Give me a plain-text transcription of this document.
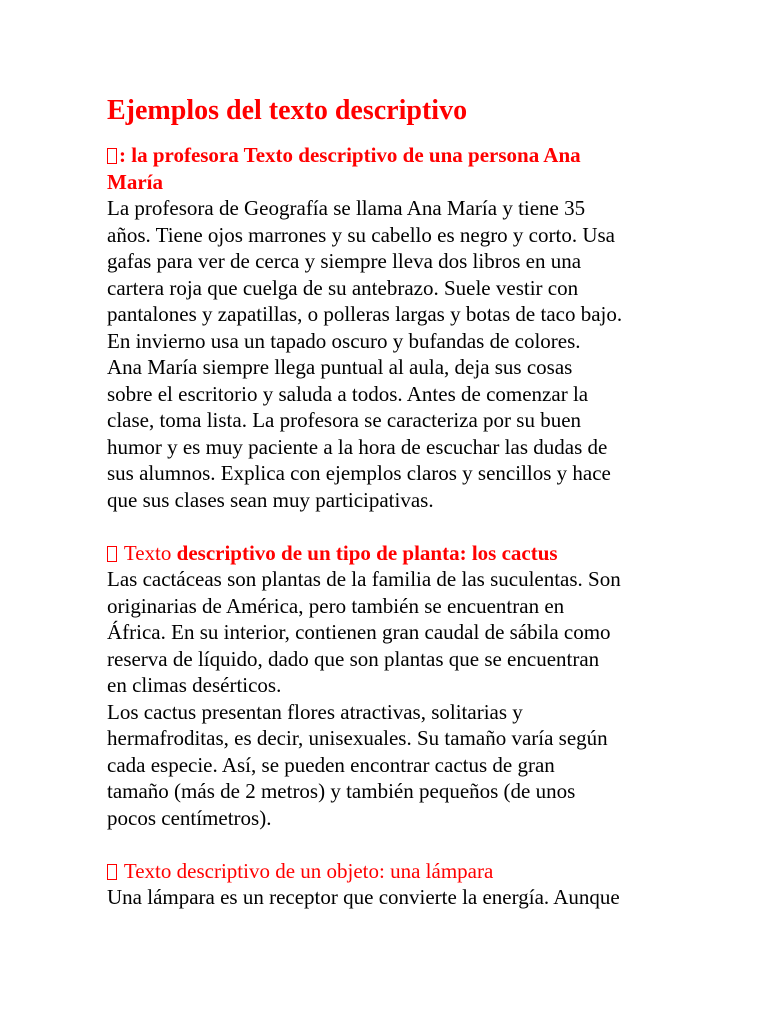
Ejemplos del texto descriptivo

: la profesora Texto descriptivo de una persona Ana
María

La profesora de Geografía se llama Ana María y tiene 35
años. Tiene ojos marrones y su cabello es negro y corto. Usa
gafas para ver de cerca y siempre lleva dos libros en una
cartera roja que cuelga de su antebrazo. Suele vestir con
pantalones y zapatillas, o polleras largas y botas de taco bajo.
En invierno usa un tapado oscuro y bufandas de colores.
Ana María siempre llega puntual al aula, deja sus cosas
sobre el escritorio y saluda a todos. Antes de comenzar la
clase, toma lista. La profesora se caracteriza por su buen
humor y es muy paciente a la hora de escuchar las dudas de
sus alumnos. Explica con ejemplos claros y sencillos y hace
que sus clases sean muy participativas.

Texto descriptivo de un tipo de planta: los cactus

Las cactáceas son plantas de la familia de las suculentas. Son
originarias de América, pero también se encuentran en
África. En su interior, contienen gran caudal de sábila como
reserva de líquido, dado que son plantas que se encuentran
en climas desérticos.
Los cactus presentan flores atractivas, solitarias y
hermafroditas, es decir, unisexuales. Su tamaño varía según
cada especie. Así, se pueden encontrar cactus de gran
tamaño (más de 2 metros) y también pequeños (de unos
pocos centímetros).

Texto descriptivo de un objeto: una lámpara

Una lámpara es un receptor que convierte la energía. Aunque
